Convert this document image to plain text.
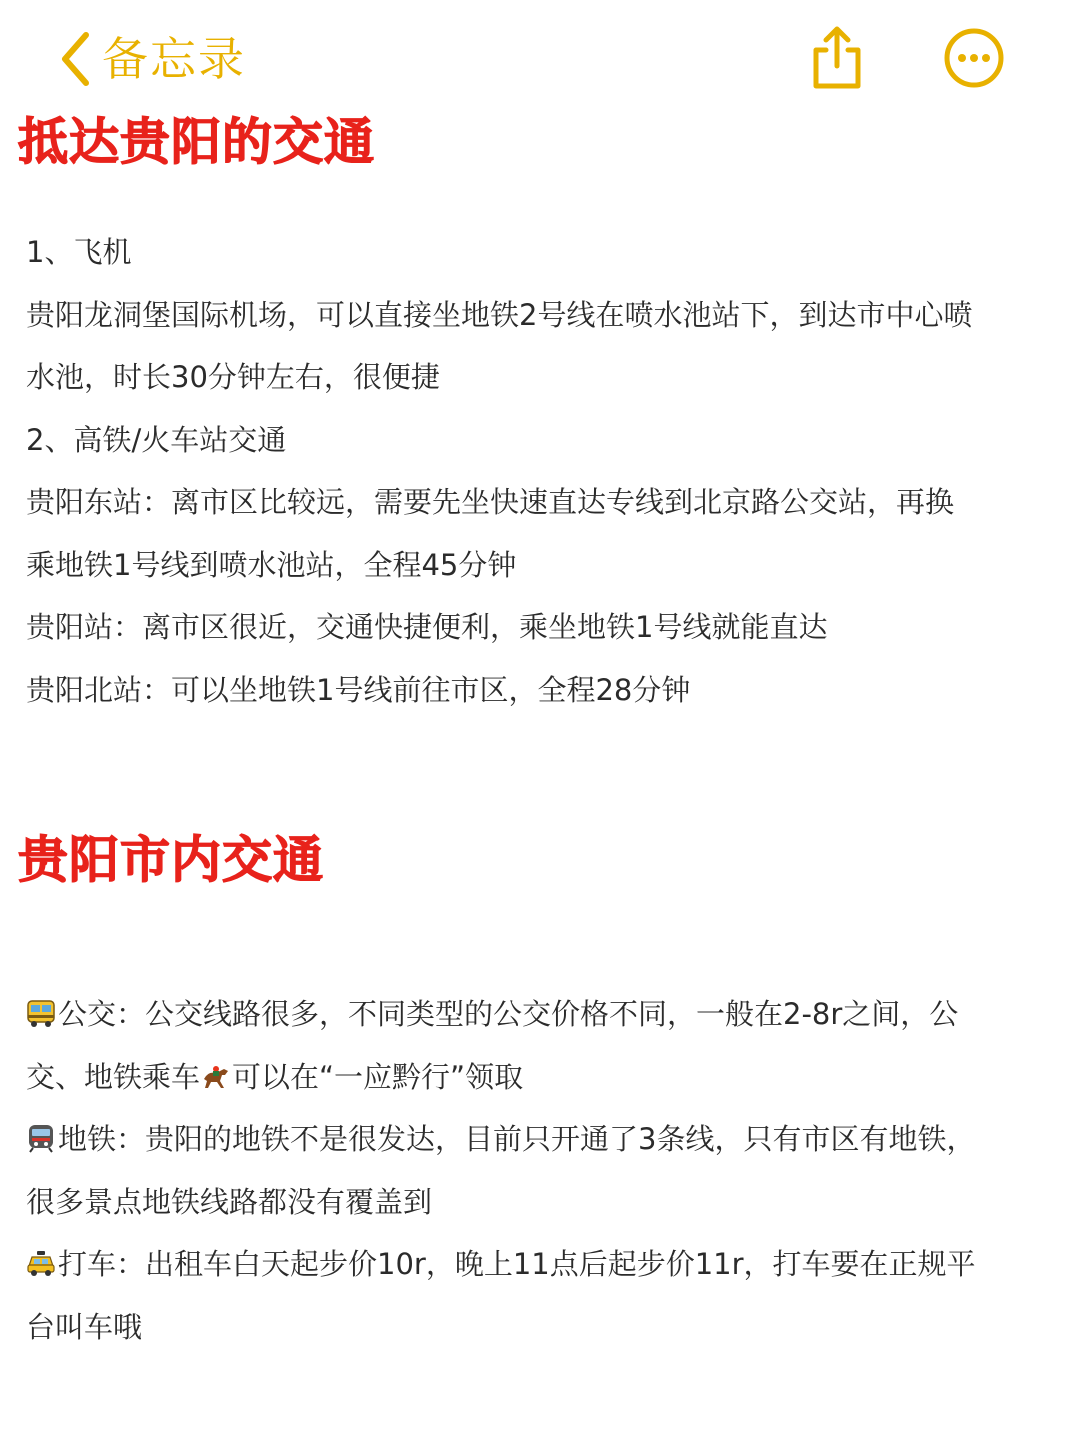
备忘录
抵达贵阳的交通
1、飞机
贵阳龙洞堡国际机场，可以直接坐地铁2号线在喷水池站下，到达市中心喷
水池，时长30分钟左右，很便捷
2、高铁/火车站交通
贵阳东站：离市区比较远，需要先坐快速直达专线到北京路公交站，再换
乘地铁1号线到喷水池站，全程45分钟
贵阳站：离市区很近，交通快捷便利，乘坐地铁1号线就能直达
贵阳北站：可以坐地铁1号线前往市区，全程28分钟
贵阳市内交通
公交：公交线路很多，不同类型的公交价格不同，一般在2-8r之间，公
交、地铁乘车 可以在“一应黔行”领取
地铁：贵阳的地铁不是很发达，目前只开通了3条线，只有市区有地铁，
很多景点地铁线路都没有覆盖到
打车：出租车白天起步价10r，晚上11点后起步价11r，打车要在正规平
台叫车哦
